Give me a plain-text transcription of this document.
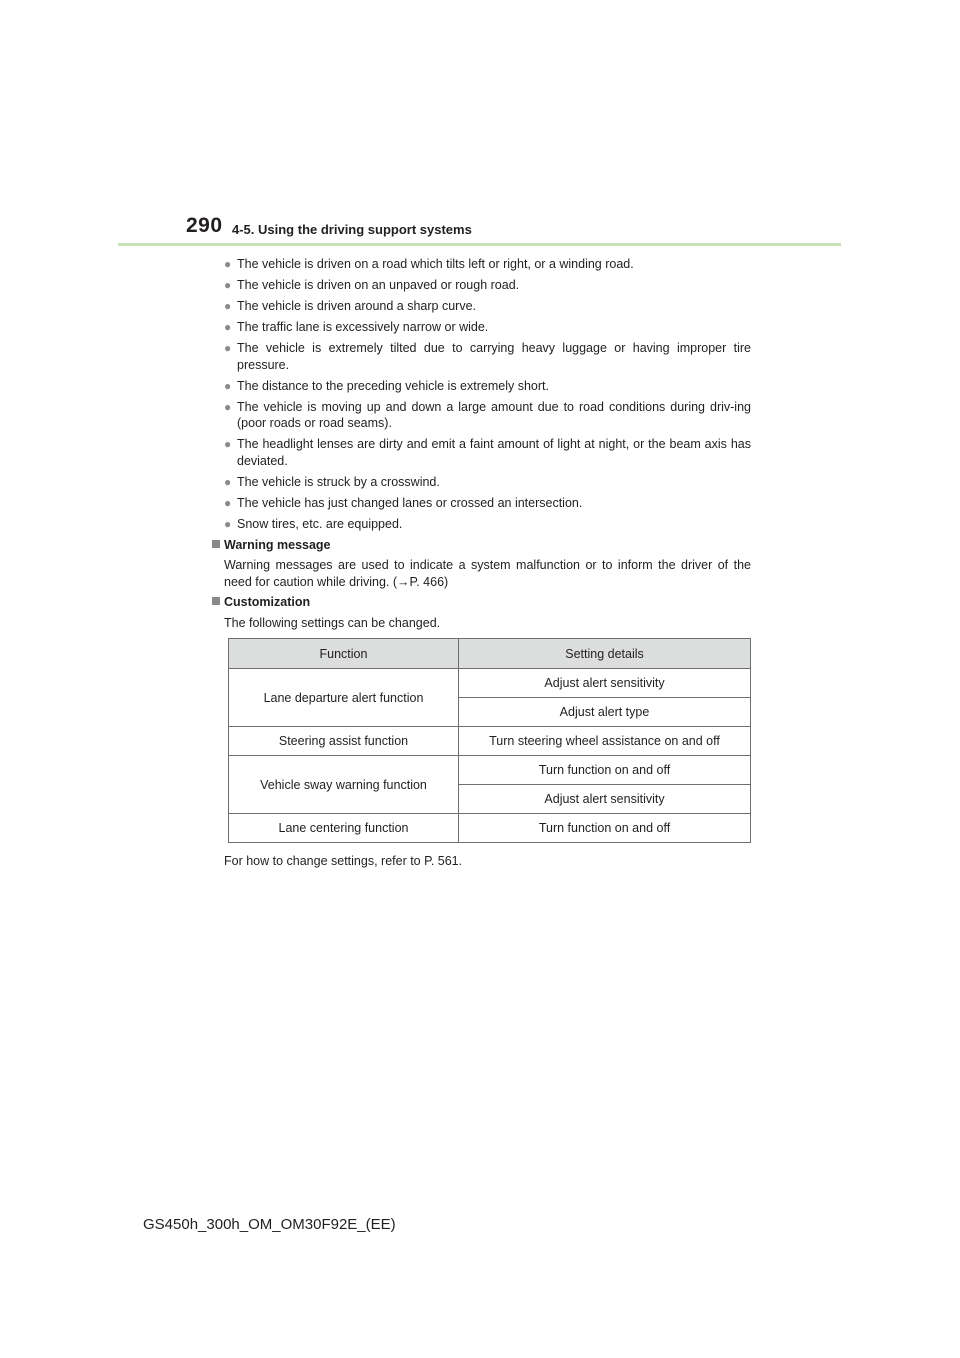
290 4-5. Using the driving support systems
● The vehicle is driven on a road which tilts left or right, or a winding road.
● The vehicle is driven on an unpaved or rough road.
● The vehicle is driven around a sharp curve.
● The traffic lane is excessively narrow or wide.
● The vehicle is extremely tilted due to carrying heavy luggage or having improper tire pressure.
● The distance to the preceding vehicle is extremely short.
● The vehicle is moving up and down a large amount due to road conditions during driv-ing (poor roads or road seams).
● The headlight lenses are dirty and emit a faint amount of light at night, or the beam axis has deviated.
● The vehicle is struck by a crosswind.
● The vehicle has just changed lanes or crossed an intersection.
● Snow tires, etc. are equipped.
Warning message
Warning messages are used to indicate a system malfunction or to inform the driver of the need for caution while driving. (→P. 466)
Customization
The following settings can be changed.
Function	Setting details
Lane departure alert function	Adjust alert sensitivity
	Adjust alert type
Steering assist function	Turn steering wheel assistance on and off
Vehicle sway warning function	Turn function on and off
	Adjust alert sensitivity
Lane centering function	Turn function on and off
For how to change settings, refer to P. 561.
GS450h_300h_OM_OM30F92E_(EE)
